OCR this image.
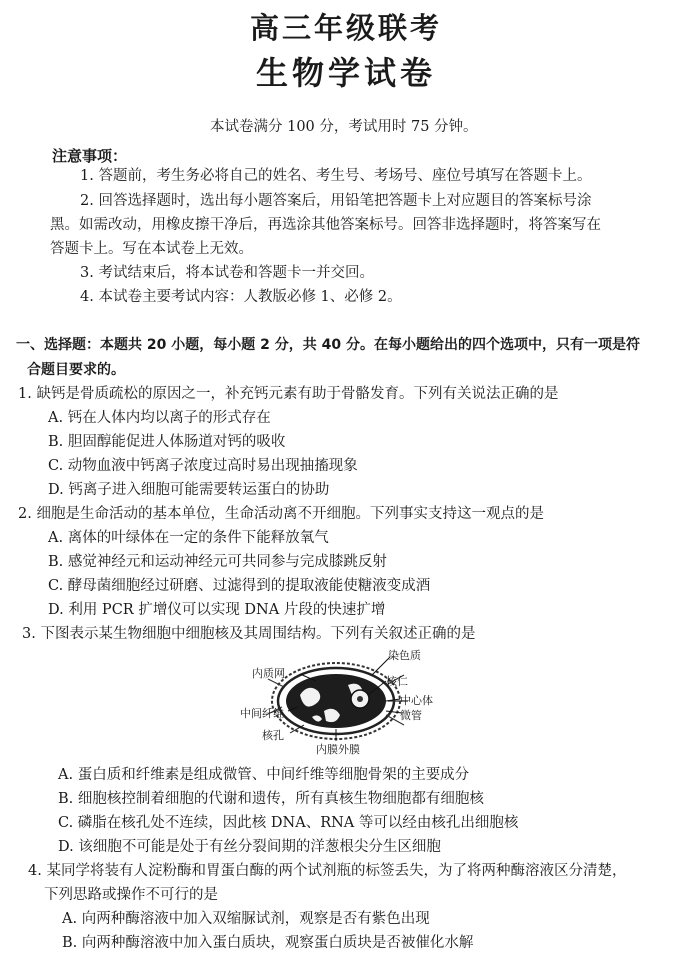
高三年级联考
生物学试卷
本试卷满分 100 分，考试用时 75 分钟。
注意事项：
1. 答题前，考生务必将自己的姓名、考生号、考场号、座位号填写在答题卡上。
2. 回答选择题时，选出每小题答案后，用铅笔把答题卡上对应题目的答案标号涂
黑。如需改动，用橡皮擦干净后，再选涂其他答案标号。回答非选择题时，将答案写在
答题卡上。写在本试卷上无效。
3. 考试结束后，将本试卷和答题卡一并交回。
4. 本试卷主要考试内容：人教版必修 1、必修 2。
一、选择题：本题共 20 小题，每小题 2 分，共 40 分。在每小题给出的四个选项中，只有一项是符
合题目要求的。
1. 缺钙是骨质疏松的原因之一，补充钙元素有助于骨骼发育。下列有关说法正确的是
A. 钙在人体内均以离子的形式存在
B. 胆固醇能促进人体肠道对钙的吸收
C. 动物血液中钙离子浓度过高时易出现抽搐现象
D. 钙离子进入细胞可能需要转运蛋白的协助
2. 细胞是生命活动的基本单位，生命活动离不开细胞。下列事实支持这一观点的是
A. 离体的叶绿体在一定的条件下能释放氧气
B. 感觉神经元和运动神经元可共同参与完成膝跳反射
C. 酵母菌细胞经过研磨、过滤得到的提取液能使糖液变成酒
D. 利用 PCR 扩增仪可以实现 DNA 片段的快速扩增
3. 下图表示某生物细胞中细胞核及其周围结构。下列有关叙述正确的是
内质网
染色质
核仁
中心体
微管
中间纤维
核孔
内膜外膜
A. 蛋白质和纤维素是组成微管、中间纤维等细胞骨架的主要成分
B. 细胞核控制着细胞的代谢和遗传，所有真核生物细胞都有细胞核
C. 磷脂在核孔处不连续，因此核 DNA、RNA 等可以经由核孔出细胞核
D. 该细胞不可能是处于有丝分裂间期的洋葱根尖分生区细胞
4. 某同学将装有人淀粉酶和胃蛋白酶的两个试剂瓶的标签丢失，为了将两种酶溶液区分清楚，
下列思路或操作不可行的是
A. 向两种酶溶液中加入双缩脲试剂，观察是否有紫色出现
B. 向两种酶溶液中加入蛋白质块，观察蛋白质块是否被催化水解
